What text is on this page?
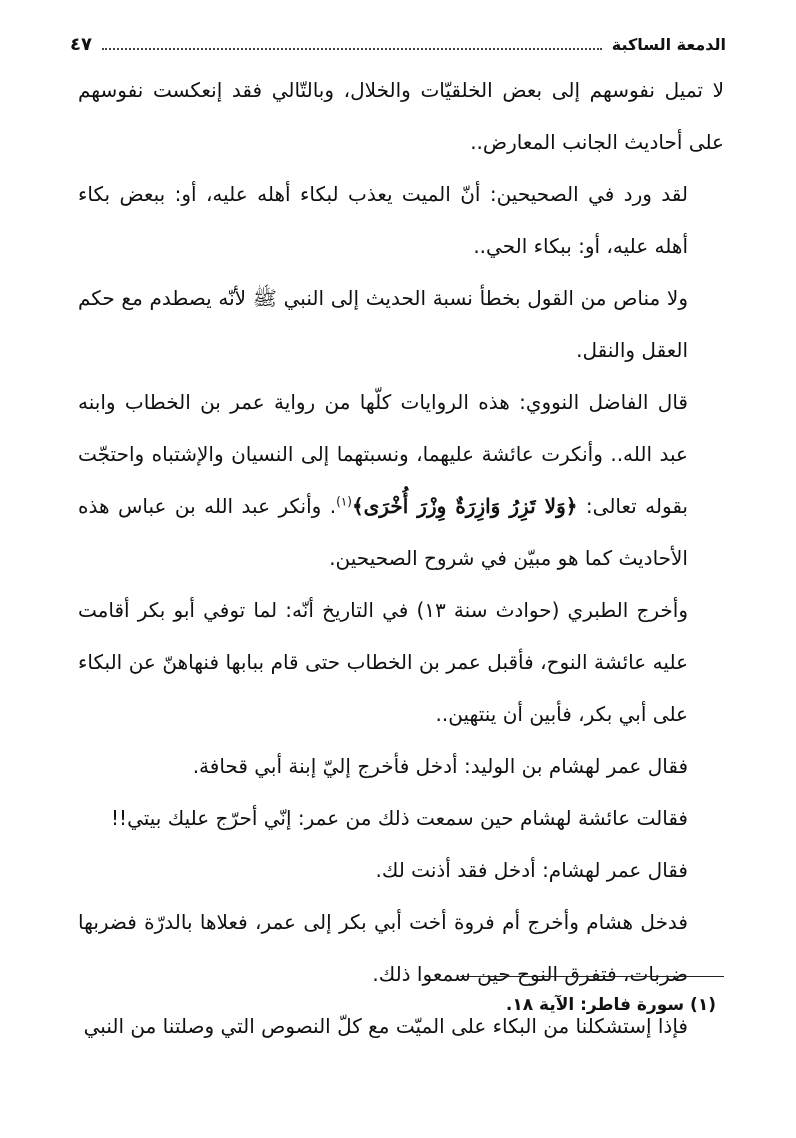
الدمعة الساكبة
٤٧

لا تميل نفوسهم إلى بعض الخلقيّات والخلال، وبالتّالي فقد إنعكست نفوسهم على أحاديث الجانب المعارض..

لقد ورد في الصحيحين: أنّ الميت يعذب لبكاء أهله عليه، أو: ببعض بكاء أهله عليه، أو: ببكاء الحي..

ولا مناص من القول بخطأ نسبة الحديث إلى النبي ﷺ لأنّه يصطدم مع حكم العقل والنقل.

قال الفاضل النووي: هذه الروايات كلّها من رواية عمر بن الخطاب وابنه عبد الله.. وأنكرت عائشة عليهما، ونسبتهما إلى النسيان والإشتباه واحتجّت بقوله تعالى: ﴿وَلا تَزِرُ وَازِرَةٌ وِزْرَ أُخْرَى﴾$^{(١)}$. وأنكر عبد الله بن عباس هذه الأحاديث كما هو مبيّن في شروح الصحيحين.

وأخرج الطبري (حوادث سنة ١٣) في التاريخ أنّه: لما توفي أبو بكر أقامت عليه عائشة النوح، فأقبل عمر بن الخطاب حتى قام ببابها فنهاهنّ عن البكاء على أبي بكر، فأبين أن ينتهين..

فقال عمر لهشام بن الوليد: أدخل فأخرج إليّ إبنة أبي قحافة.

فقالت عائشة لهشام حين سمعت ذلك من عمر: إنّي أحرّج عليك بيتي!!

فقال عمر لهشام: أدخل فقد أذنت لك.

فدخل هشام وأخرج أم فروة أخت أبي بكر إلى عمر، فعلاها بالدرّة فضربها ضربات، فتفرق النوح حين سمعوا ذلك.

فإذا إستشكلنا من البكاء على الميّت مع كلّ النصوص التي وصلتنا من النبي

(١) سورة فاطر: الآية ١٨.
